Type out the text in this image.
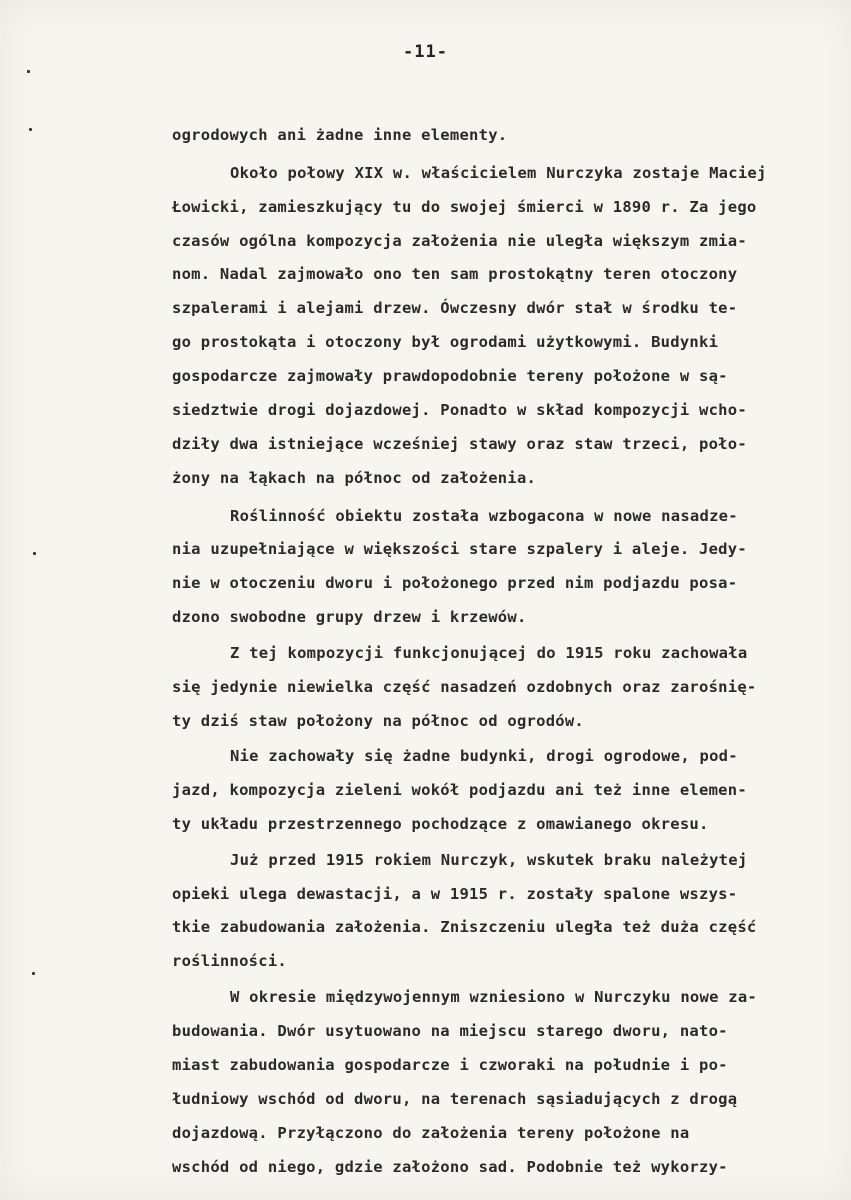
-11-
ogrodowych ani żadne inne elementy.
Około połowy XIX w. właścicielem Nurczyka zostaje Maciej
Łowicki, zamieszkujący tu do swojej śmierci w 1890 r. Za jego
czasów ogólna kompozycja założenia nie uległa większym zmia-
nom. Nadal zajmowało ono ten sam prostokątny teren otoczony
szpalerami i alejami drzew. Ówczesny dwór stał w środku te-
go prostokąta i otoczony był ogrodami użytkowymi. Budynki
gospodarcze zajmowały prawdopodobnie tereny położone w są-
siedztwie drogi dojazdowej. Ponadto w skład kompozycji wcho-
dziły dwa istniejące wcześniej stawy oraz staw trzeci, poło-
żony na łąkach na północ od założenia.
Roślinność obiektu została wzbogacona w nowe nasadze-
nia uzupełniające w większości stare szpalery i aleje. Jedy-
nie w otoczeniu dworu i położonego przed nim podjazdu posa-
dzono swobodne grupy drzew i krzewów.
Z tej kompozycji funkcjonującej do 1915 roku zachowała
się jedynie niewielka część nasadzeń ozdobnych oraz zarośnię-
ty dziś staw położony na północ od ogrodów.
Nie zachowały się żadne budynki, drogi ogrodowe, pod-
jazd, kompozycja zieleni wokół podjazdu ani też inne elemen-
ty układu przestrzennego pochodzące z omawianego okresu.
Już przed 1915 rokiem Nurczyk, wskutek braku należytej
opieki ulega dewastacji, a w 1915 r. zostały spalone wszys-
tkie zabudowania założenia. Zniszczeniu uległa też duża część
roślinności.
W okresie międzywojennym wzniesiono w Nurczyku nowe za-
budowania. Dwór usytuowano na miejscu starego dworu, nato-
miast zabudowania gospodarcze i czworaki na południe i po-
łudniowy wschód od dworu, na terenach sąsiadujących z drogą
dojazdową. Przyłączono do założenia tereny położone na
wschód od niego, gdzie założono sad. Podobnie też wykorzy-
